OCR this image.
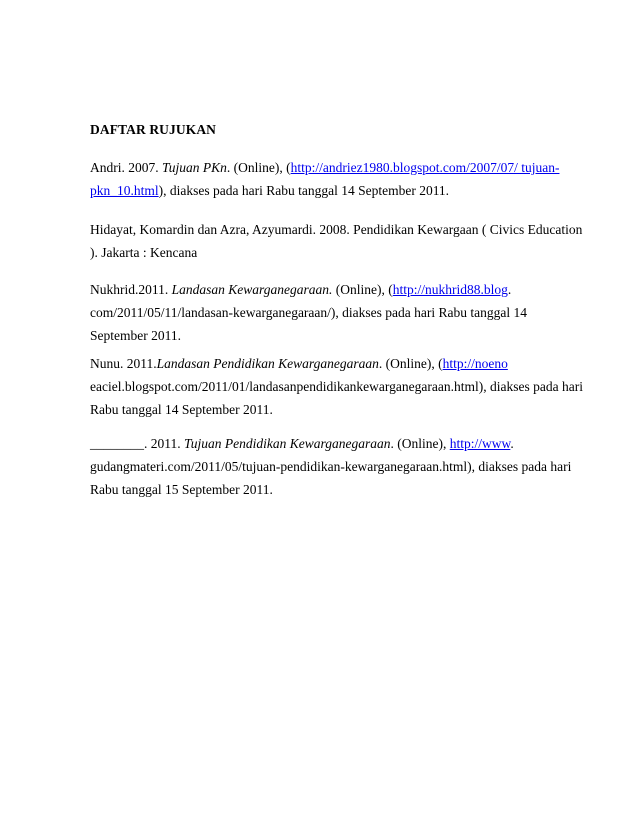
DAFTAR RUJUKAN
Andri. 2007. Tujuan PKn. (Online), (http://andriez1980.blogspot.com/2007/07/ tujuan-
pkn_10.html), diakses pada hari Rabu tanggal 14 September 2011.
Hidayat, Komardin dan Azra, Azyumardi. 2008. Pendidikan Kewargaan ( Civics Education
). Jakarta : Kencana
Nukhrid.2011. Landasan Kewarganegaraan. (Online), (http://nukhrid88.blog.
com/2011/05/11/landasan-kewarganegaraan/), diakses pada hari Rabu tanggal 14
September 2011.
Nunu. 2011.Landasan Pendidikan Kewarganegaraan. (Online), (http://noeno
eaciel.blogspot.com/2011/01/landasanpendidikankewarganegaraan.html), diakses pada hari
Rabu tanggal 14 September 2011.
________. 2011. Tujuan Pendidikan Kewarganegaraan. (Online), http://www.
gudangmateri.com/2011/05/tujuan-pendidikan-kewarganegaraan.html), diakses pada hari
Rabu tanggal 15 September 2011.
